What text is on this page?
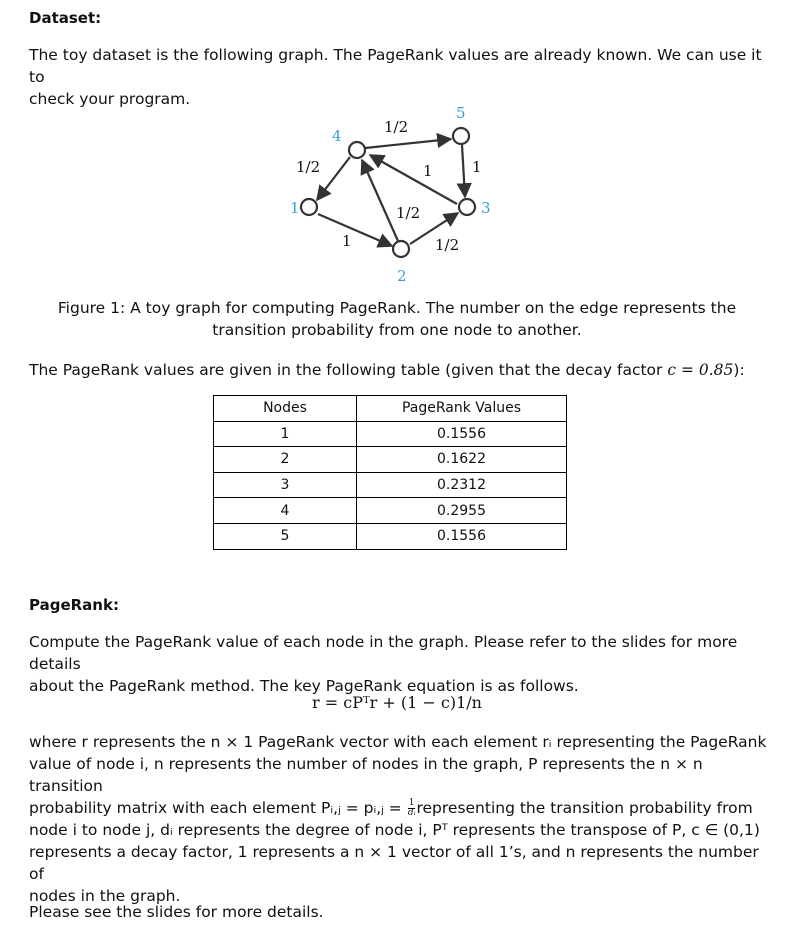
Dataset:
The toy dataset is the following graph. The PageRank values are already known. We can use it to
check your program.
1
2
3
4
5
1/2
1/2
1
1
1
1/2
1/2
Figure 1: A toy graph for computing PageRank. The number on the edge represents the
transition probability from one node to another.
The PageRank values are given in the following table (given that the decay factor c = 0.85):
Nodes	PageRank Values
1	0.1556
2	0.1622
3	0.2312
4	0.2955
5	0.1556
PageRank:
Compute the PageRank value of each node in the graph. Please refer to the slides for more details
about the PageRank method. The key PageRank equation is as follows.
r = cPᵀr + (1 − c)1/n
where r represents the n × 1 PageRank vector with each element rᵢ representing the PageRank
value of node i, n represents the number of nodes in the graph, P represents the n × n transition
probability matrix with each element Pᵢ,ⱼ = pᵢ,ⱼ = $\frac{1}{\text{dᵢ}}$ representing the transition probability from
node i to node j, dᵢ represents the degree of node i, Pᵀ represents the transpose of P, c ∈ (0,1)
represents a decay factor, 1 represents a n × 1 vector of all 1’s, and n represents the number of
nodes in the graph.
Please see the slides for more details.
